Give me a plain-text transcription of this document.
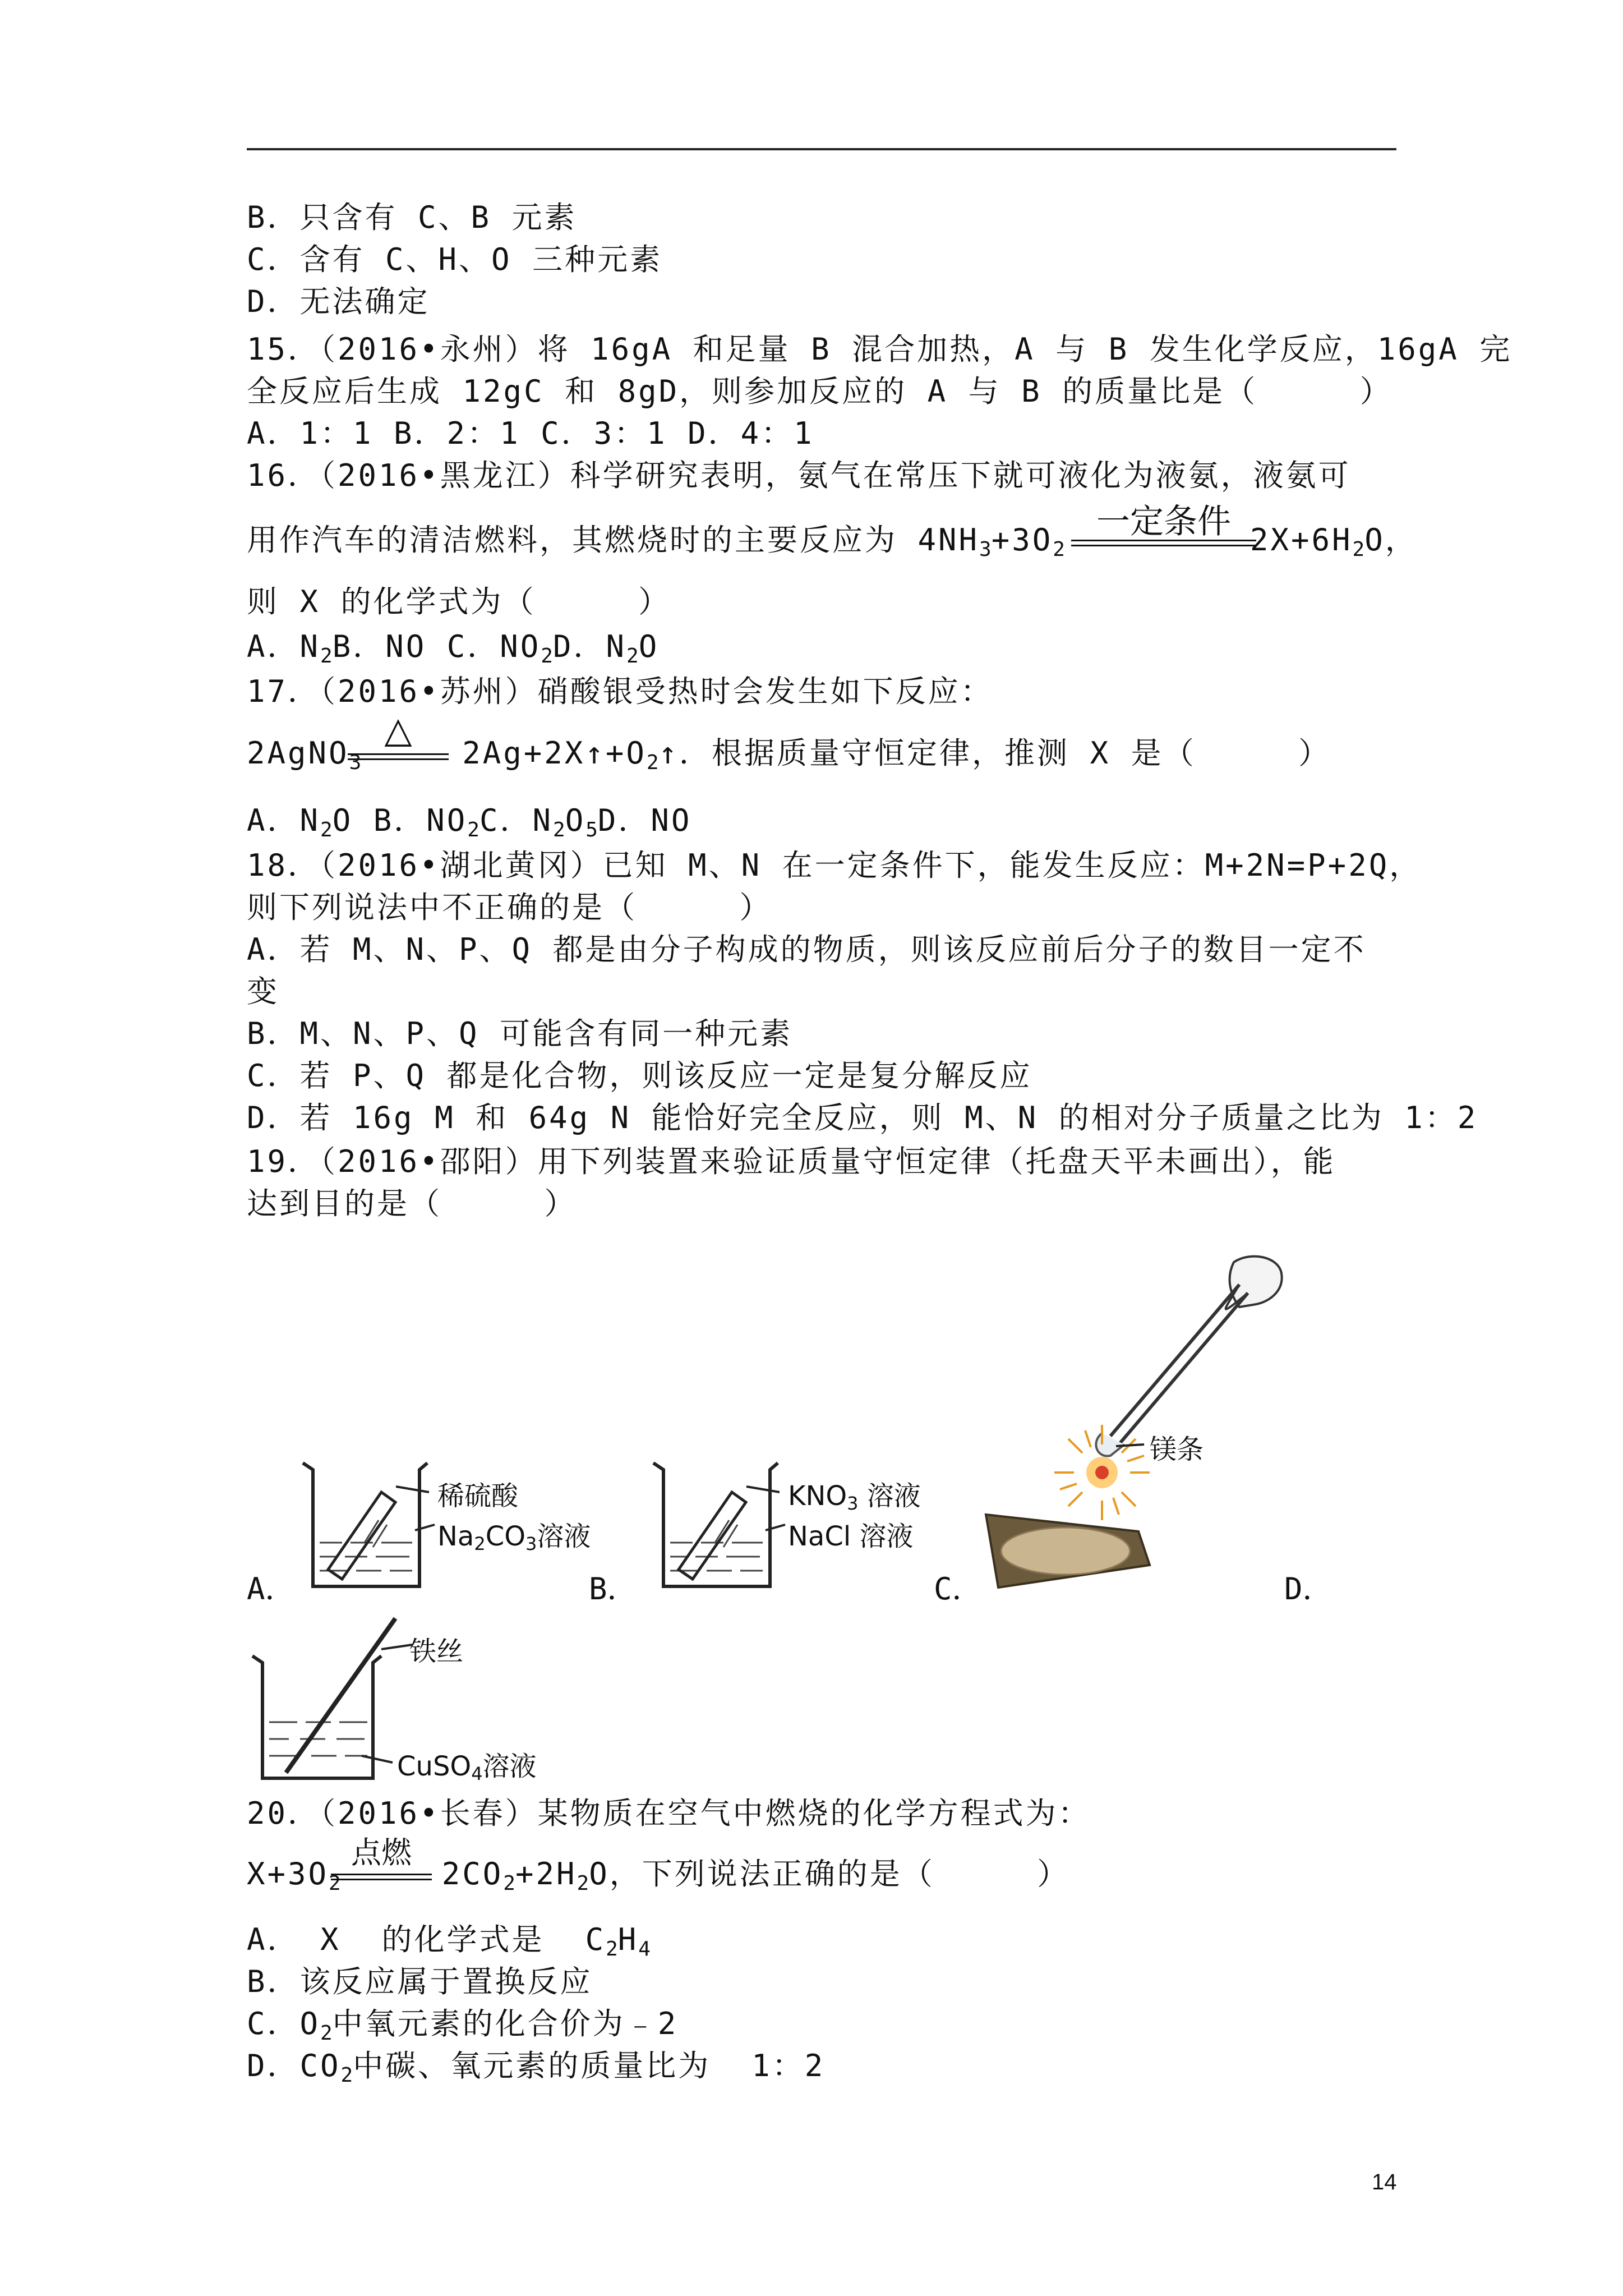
B．只含有 C、B 元素
C．含有 C、H、O 三种元素
D．无法确定
15．（2016•永州）将 16gA 和足量 B 混合加热，A 与 B 发生化学反应，16gA 完
全反应后生成 12gC 和 8gD，则参加反应的 A 与 B 的质量比是（     ）
A．1：1 B．2：1 C．3：1 D．4：1
16．（2016•黑龙江）科学研究表明，氨气在常压下就可液化为液氨，液氨可
用作汽车的清洁燃料，其燃烧时的主要反应为 $4NH_3+3O_2$	$2X+6H_2O$，
一定条件
则 X 的化学式为（     ）
A．$N_2B$．NO C．$NO_2D$．$N_2O$
17．（2016•苏州）硝酸银受热时会发生如下反应：
2AgNO$_3$	$2Ag+2X↑+O_2↑$．根据质量守恒定律，推测 X 是（     ）
△
A．$N_2O$ B．$NO_2C$．$N_2O_5D$．NO
18．（2016•湖北黄冈）已知 M、N 在一定条件下，能发生反应：M+2N=P+2Q，
则下列说法中不正确的是（     ）
A．若 M、N、P、Q 都是由分子构成的物质，则该反应前后分子的数目一定不
变
B．M、N、P、Q 可能含有同一种元素
C．若 P、Q 都是化合物，则该反应一定是复分解反应
D．若 16g M 和 64g N 能恰好完全反应，则 M、N 的相对分子质量之比为 1：2
19．（2016•邵阳）用下列装置来验证质量守恒定律（托盘天平未画出），能
达到目的是（     ）
稀硫酸
Na2CO3溶液
KNO3 溶液
NaCl 溶液
镁条
A．	B．	C．	D．
铁丝
CuSO4溶液
20．（2016•长春）某物质在空气中燃烧的化学方程式为：
$X+3O_2$	$2CO_2+2H_2O$，下列说法正确的是（     ）
点燃
A． X  的化学式是  $C_2H_4$
B．该反应属于置换反应
C．$O_2$中氧元素的化合价为﹣2
D．$CO_2$中碳、氧元素的质量比为  1：2
14
